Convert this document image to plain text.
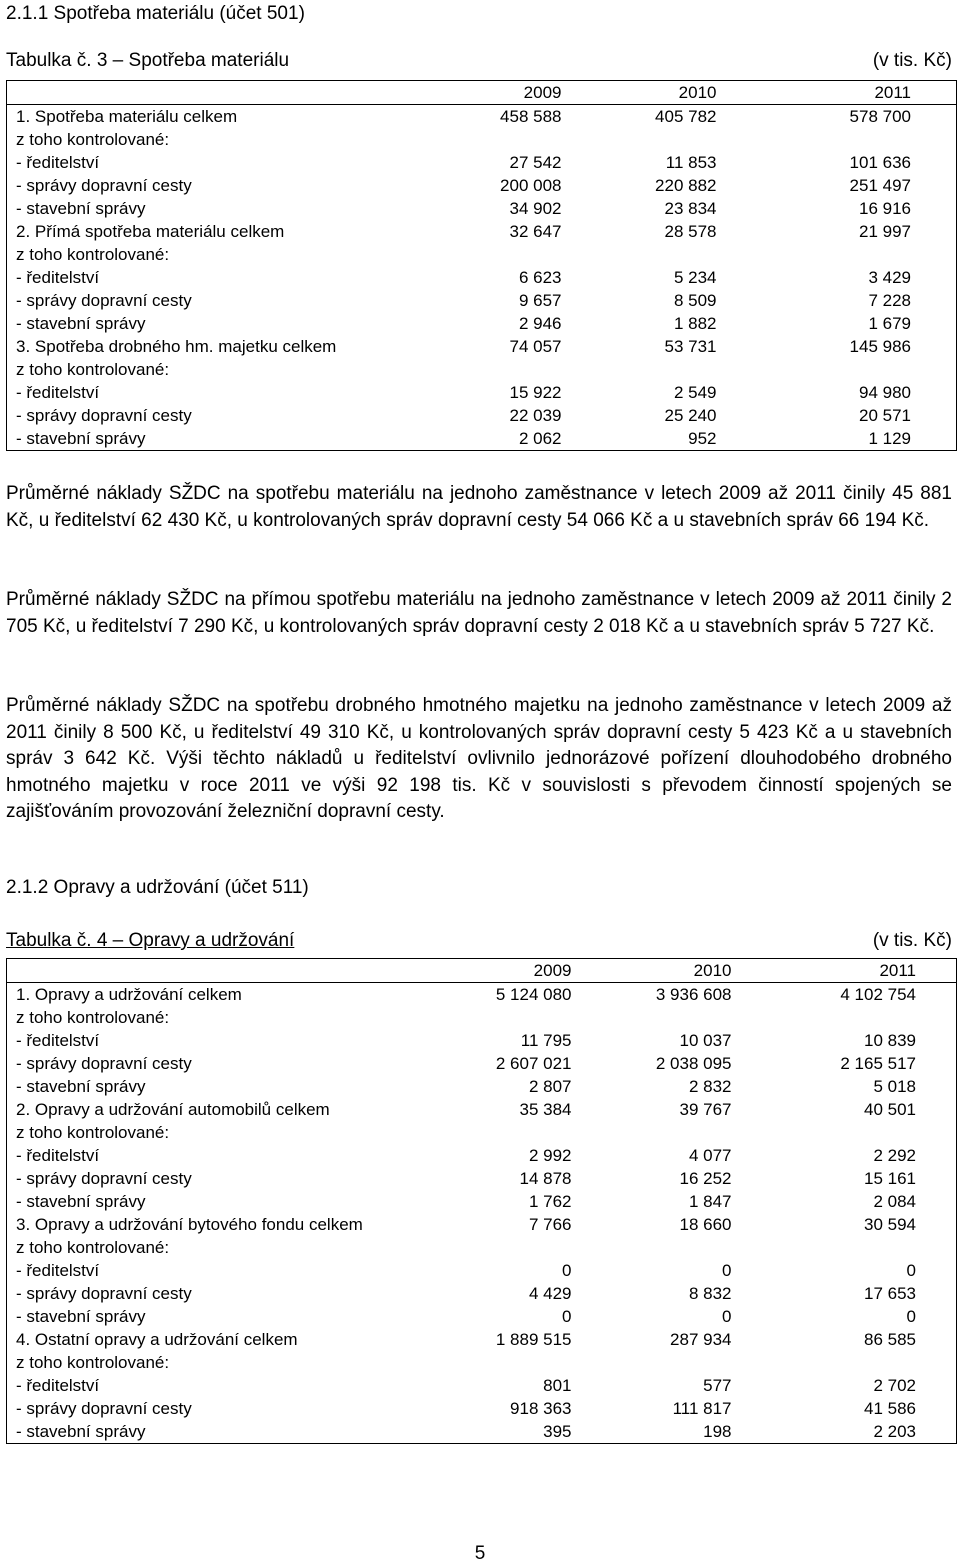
2.1.1 Spotřeba materiálu (účet 501)
Tabulka č. 3 – Spotřeba materiálu	(v tis. Kč)
	2009	2010	2011
1. Spotřeba materiálu celkem	458 588	405 782	578 700
z toho kontrolované:			
- ředitelství	27 542	11 853	101 636
- správy dopravní cesty	200 008	220 882	251 497
- stavební správy	34 902	23 834	16 916
2. Přímá spotřeba materiálu celkem	32 647	28 578	21 997
z toho kontrolované:			
- ředitelství	6 623	5 234	3 429
- správy dopravní cesty	9 657	8 509	7 228
- stavební správy	2 946	1 882	1 679
3. Spotřeba drobného hm. majetku celkem	74 057	53 731	145 986
z toho kontrolované:			
- ředitelství	15 922	2 549	94 980
- správy dopravní cesty	22 039	25 240	20 571
- stavební správy	2 062	952	1 129

Průměrné náklady SŽDC na spotřebu materiálu na jednoho zaměstnance v letech 2009 až 2011 činily 45 881 Kč, u ředitelství 62 430 Kč, u kontrolovaných správ dopravní cesty 54 066 Kč a u stavebních správ 66 194 Kč.

Průměrné náklady SŽDC na přímou spotřebu materiálu na jednoho zaměstnance v letech 2009 až 2011 činily 2 705 Kč, u ředitelství 7 290 Kč, u kontrolovaných správ dopravní cesty 2 018 Kč a u stavebních správ 5 727 Kč.

Průměrné náklady SŽDC na spotřebu drobného hmotného majetku na jednoho zaměstnance v letech 2009 až 2011 činily 8 500 Kč, u ředitelství 49 310 Kč, u kontrolovaných správ dopravní cesty 5 423 Kč a u stavebních správ 3 642 Kč. Výši těchto nákladů u ředitelství ovlivnilo jednorázové pořízení dlouhodobého drobného hmotného majetku v roce 2011 ve výši 92 198 tis. Kč v souvislosti s převodem činností spojených se zajišťováním provozování železniční dopravní cesty.

2.1.2 Opravy a udržování (účet 511)
Tabulka č. 4 – Opravy a udržování	(v tis. Kč)
	2009	2010	2011
1. Opravy a udržování celkem	5 124 080	3 936 608	4 102 754
z toho kontrolované:			
- ředitelství	11 795	10 037	10 839
- správy dopravní cesty	2 607 021	2 038 095	2 165 517
- stavební správy	2 807	2 832	5 018
2. Opravy a udržování automobilů celkem	35 384	39 767	40 501
z toho kontrolované:			
- ředitelství	2 992	4 077	2 292
- správy dopravní cesty	14 878	16 252	15 161
- stavební správy	1 762	1 847	2 084
3. Opravy a udržování bytového fondu celkem	7 766	18 660	30 594
z toho kontrolované:			
- ředitelství	0	0	0
- správy dopravní cesty	4 429	8 832	17 653
- stavební správy	0	0	0
4. Ostatní opravy a udržování celkem	1 889 515	287 934	86 585
z toho kontrolované:			
- ředitelství	801	577	2 702
- správy dopravní cesty	918 363	111 817	41 586
- stavební správy	395	198	2 203
5
